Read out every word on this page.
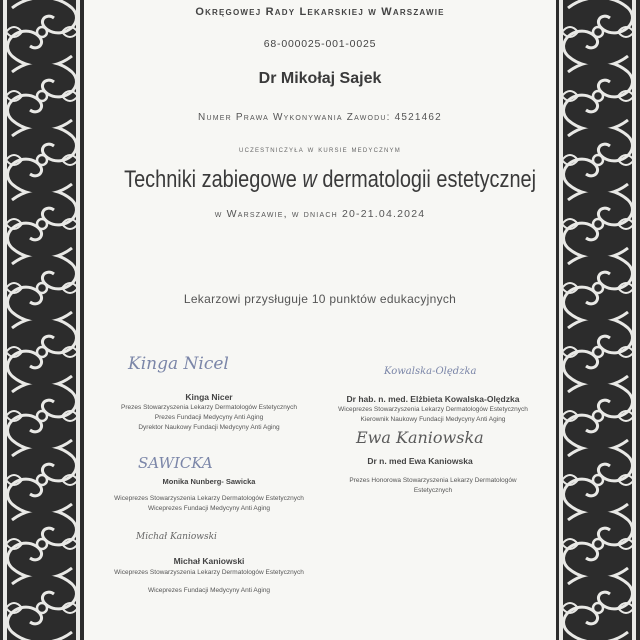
Okręgowej Rady Lekarskiej w Warszawie
68-000025-001-0025
Dr Mikołaj Sajek
Numer Prawa Wykonywania Zawodu: 4521462
uczestniczyła w kursie medycznym
Techniki zabiegowe w dermatologii estetycznej
w Warszawie, w dniach 20-21.04.2024
Lekarzowi przysługuje 10 punktów edukacyjnych
Kinga Nicel
Kinga Nicer
Prezes Stowarzyszenia Lekarzy Dermatologów Estetycznych
Prezes Fundacji Medycyny Anti Aging
Dyrektor Naukowy Fundacji Medycyny Anti Aging
Kowalska-Olędzka
Dr hab. n. med. Elżbieta Kowalska-Olędzka
Wiceprezes Stowarzyszenia Lekarzy Dermatologów Estetycznych
Kierownik Naukowy Fundacji Medycyny Anti Aging
Ewa Kaniowska
Dr n. med Ewa Kaniowska
Prezes Honorowa Stowarzyszenia Lekarzy Dermatologów
Estetycznych
SAWICKA
Monika Nunberg- Sawicka
Wiceprezes Stowarzyszenia Lekarzy Dermatologów Estetycznych
Wiceprezes Fundacji Medycyny Anti Aging
Michał Kaniowski
Michał Kaniowski
Wiceprezes Stowarzyszenia Lekarzy Dermatologów Estetycznych
Wiceprezes Fundacji Medycyny Anti Aging
